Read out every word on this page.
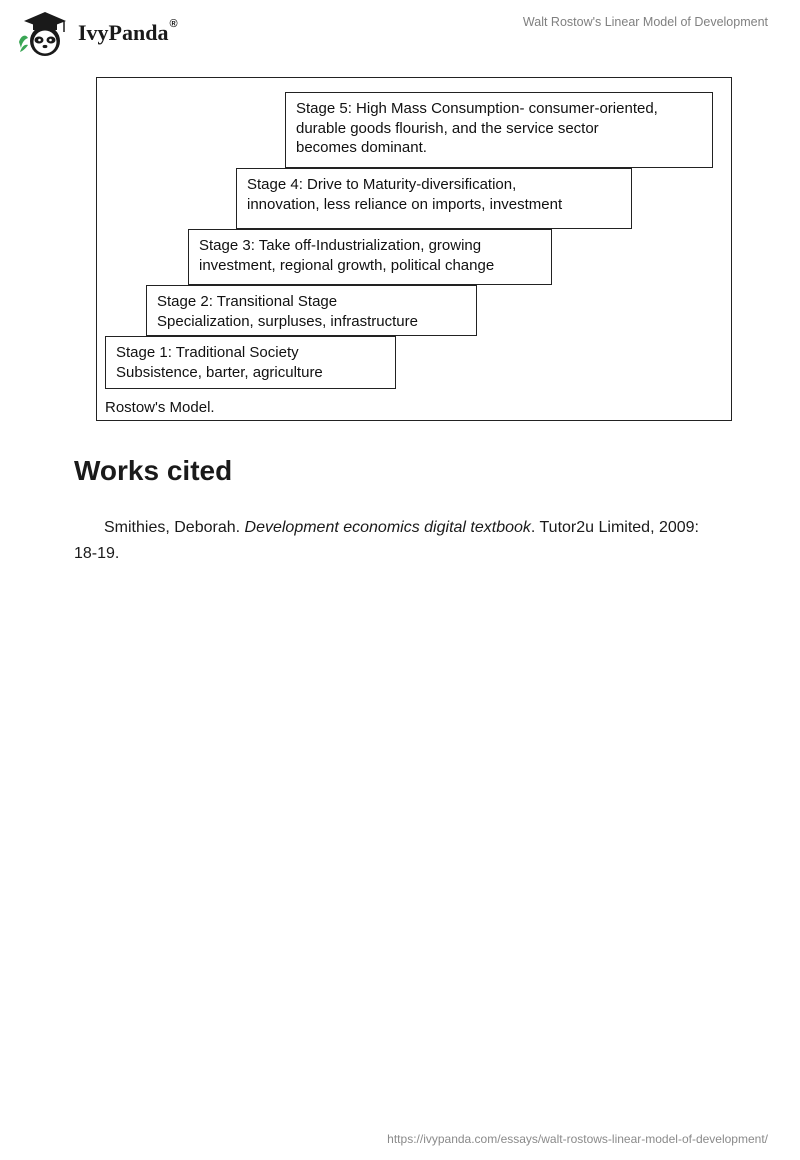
IvyPanda®	Walt Rostow's Linear Model of Development
Stage 1: Traditional Society
Subsistence, barter, agriculture
Stage 2: Transitional Stage
Specialization, surpluses, infrastructure
Stage 3: Take off-Industrialization, growing
investment, regional growth, political change
Stage 4: Drive to Maturity-diversification,
innovation, less reliance on imports, investment
Stage 5: High Mass Consumption- consumer-oriented,
durable goods flourish, and the service sector
becomes dominant.
Rostow's Model.
Works cited

Smithies, Deborah. Development economics digital textbook. Tutor2u Limited, 2009: 18-19.

https://ivypanda.com/essays/walt-rostows-linear-model-of-development/
